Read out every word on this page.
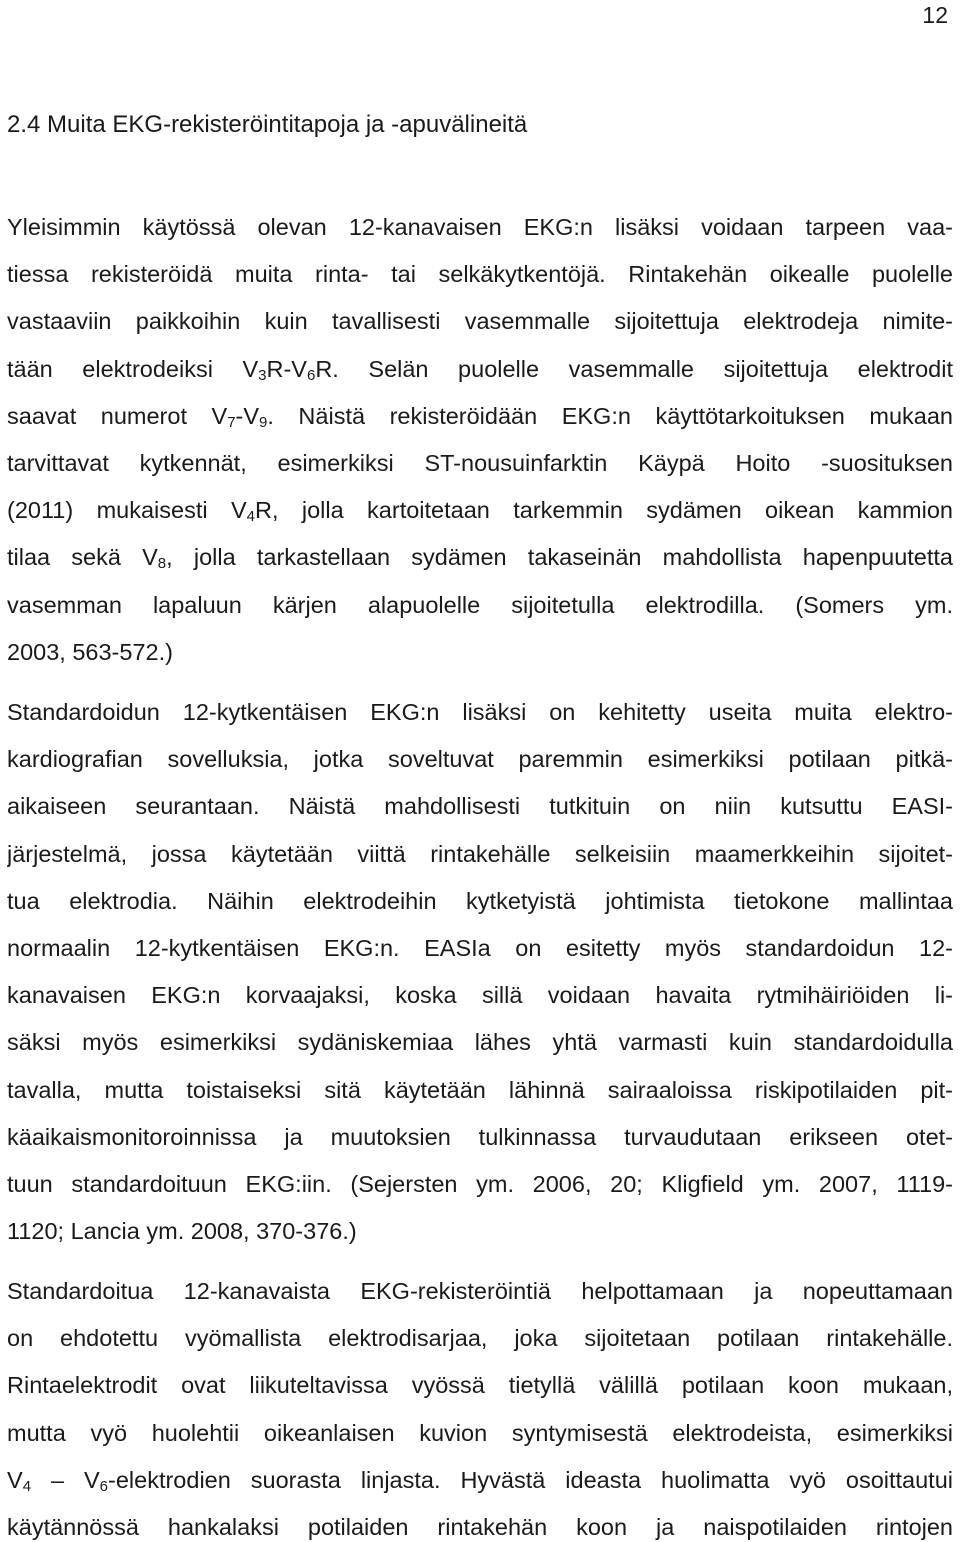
12
2.4 Muita EKG-rekisteröintitapoja ja -apuvälineitä
Yleisimmin käytössä olevan 12-kanavaisen EKG:n lisäksi voidaan tarpeen vaa-
tiessa rekisteröidä muita rinta- tai selkäkytkentöjä. Rintakehän oikealle puolelle
vastaaviin paikkoihin kuin tavallisesti vasemmalle sijoitettuja elektrodeja nimite-
tään elektrodeiksi $V_3R-V_6R$. Selän puolelle vasemmalle sijoitettuja elektrodit
saavat numerot $V_7-V_9$. Näistä rekisteröidään EKG:n käyttötarkoituksen mukaan
tarvittavat kytkennät, esimerkiksi ST-nousuinfarktin Käypä Hoito -suosituksen
(2011) mukaisesti $V_4R$, jolla kartoitetaan tarkemmin sydämen oikean kammion
tilaa sekä $V_8$, jolla tarkastellaan sydämen takaseinän mahdollista hapenpuutetta
vasemman lapaluun kärjen alapuolelle sijoitetulla elektrodilla. (Somers ym.
2003, 563-572.)
Standardoidun 12-kytkentäisen EKG:n lisäksi on kehitetty useita muita elektro-
kardiografian sovelluksia, jotka soveltuvat paremmin esimerkiksi potilaan pitkä-
aikaiseen seurantaan. Näistä mahdollisesti tutkituin on niin kutsuttu EASI-
järjestelmä, jossa käytetään viittä rintakehälle selkeisiin maamerkkeihin sijoitet-
tua elektrodia. Näihin elektrodeihin kytketyistä johtimista tietokone mallintaa
normaalin 12-kytkentäisen EKG:n. EASIa on esitetty myös standardoidun 12-
kanavaisen EKG:n korvaajaksi, koska sillä voidaan havaita rytmihäiriöiden li-
säksi myös esimerkiksi sydäniskemiaa lähes yhtä varmasti kuin standardoidulla
tavalla, mutta toistaiseksi sitä käytetään lähinnä sairaaloissa riskipotilaiden pit-
käaikaismonitoroinnissa ja muutoksien tulkinnassa turvaudutaan erikseen otet-
tuun standardoituun EKG:iin. (Sejersten ym. 2006, 20; Kligfield ym. 2007, 1119-
1120; Lancia ym. 2008, 370-376.)
Standardoitua 12-kanavaista EKG-rekisteröintiä helpottamaan ja nopeuttamaan
on ehdotettu vyömallista elektrodisarjaa, joka sijoitetaan potilaan rintakehälle.
Rintaelektrodit ovat liikuteltavissa vyössä tietyllä välillä potilaan koon mukaan,
mutta vyö huolehtii oikeanlaisen kuvion syntymisestä elektrodeista, esimerkiksi
$V_4$ – $V_6$-elektrodien suorasta linjasta. Hyvästä ideasta huolimatta vyö osoittautui
käytännössä hankalaksi potilaiden rintakehän koon ja naispotilaiden rintojen
